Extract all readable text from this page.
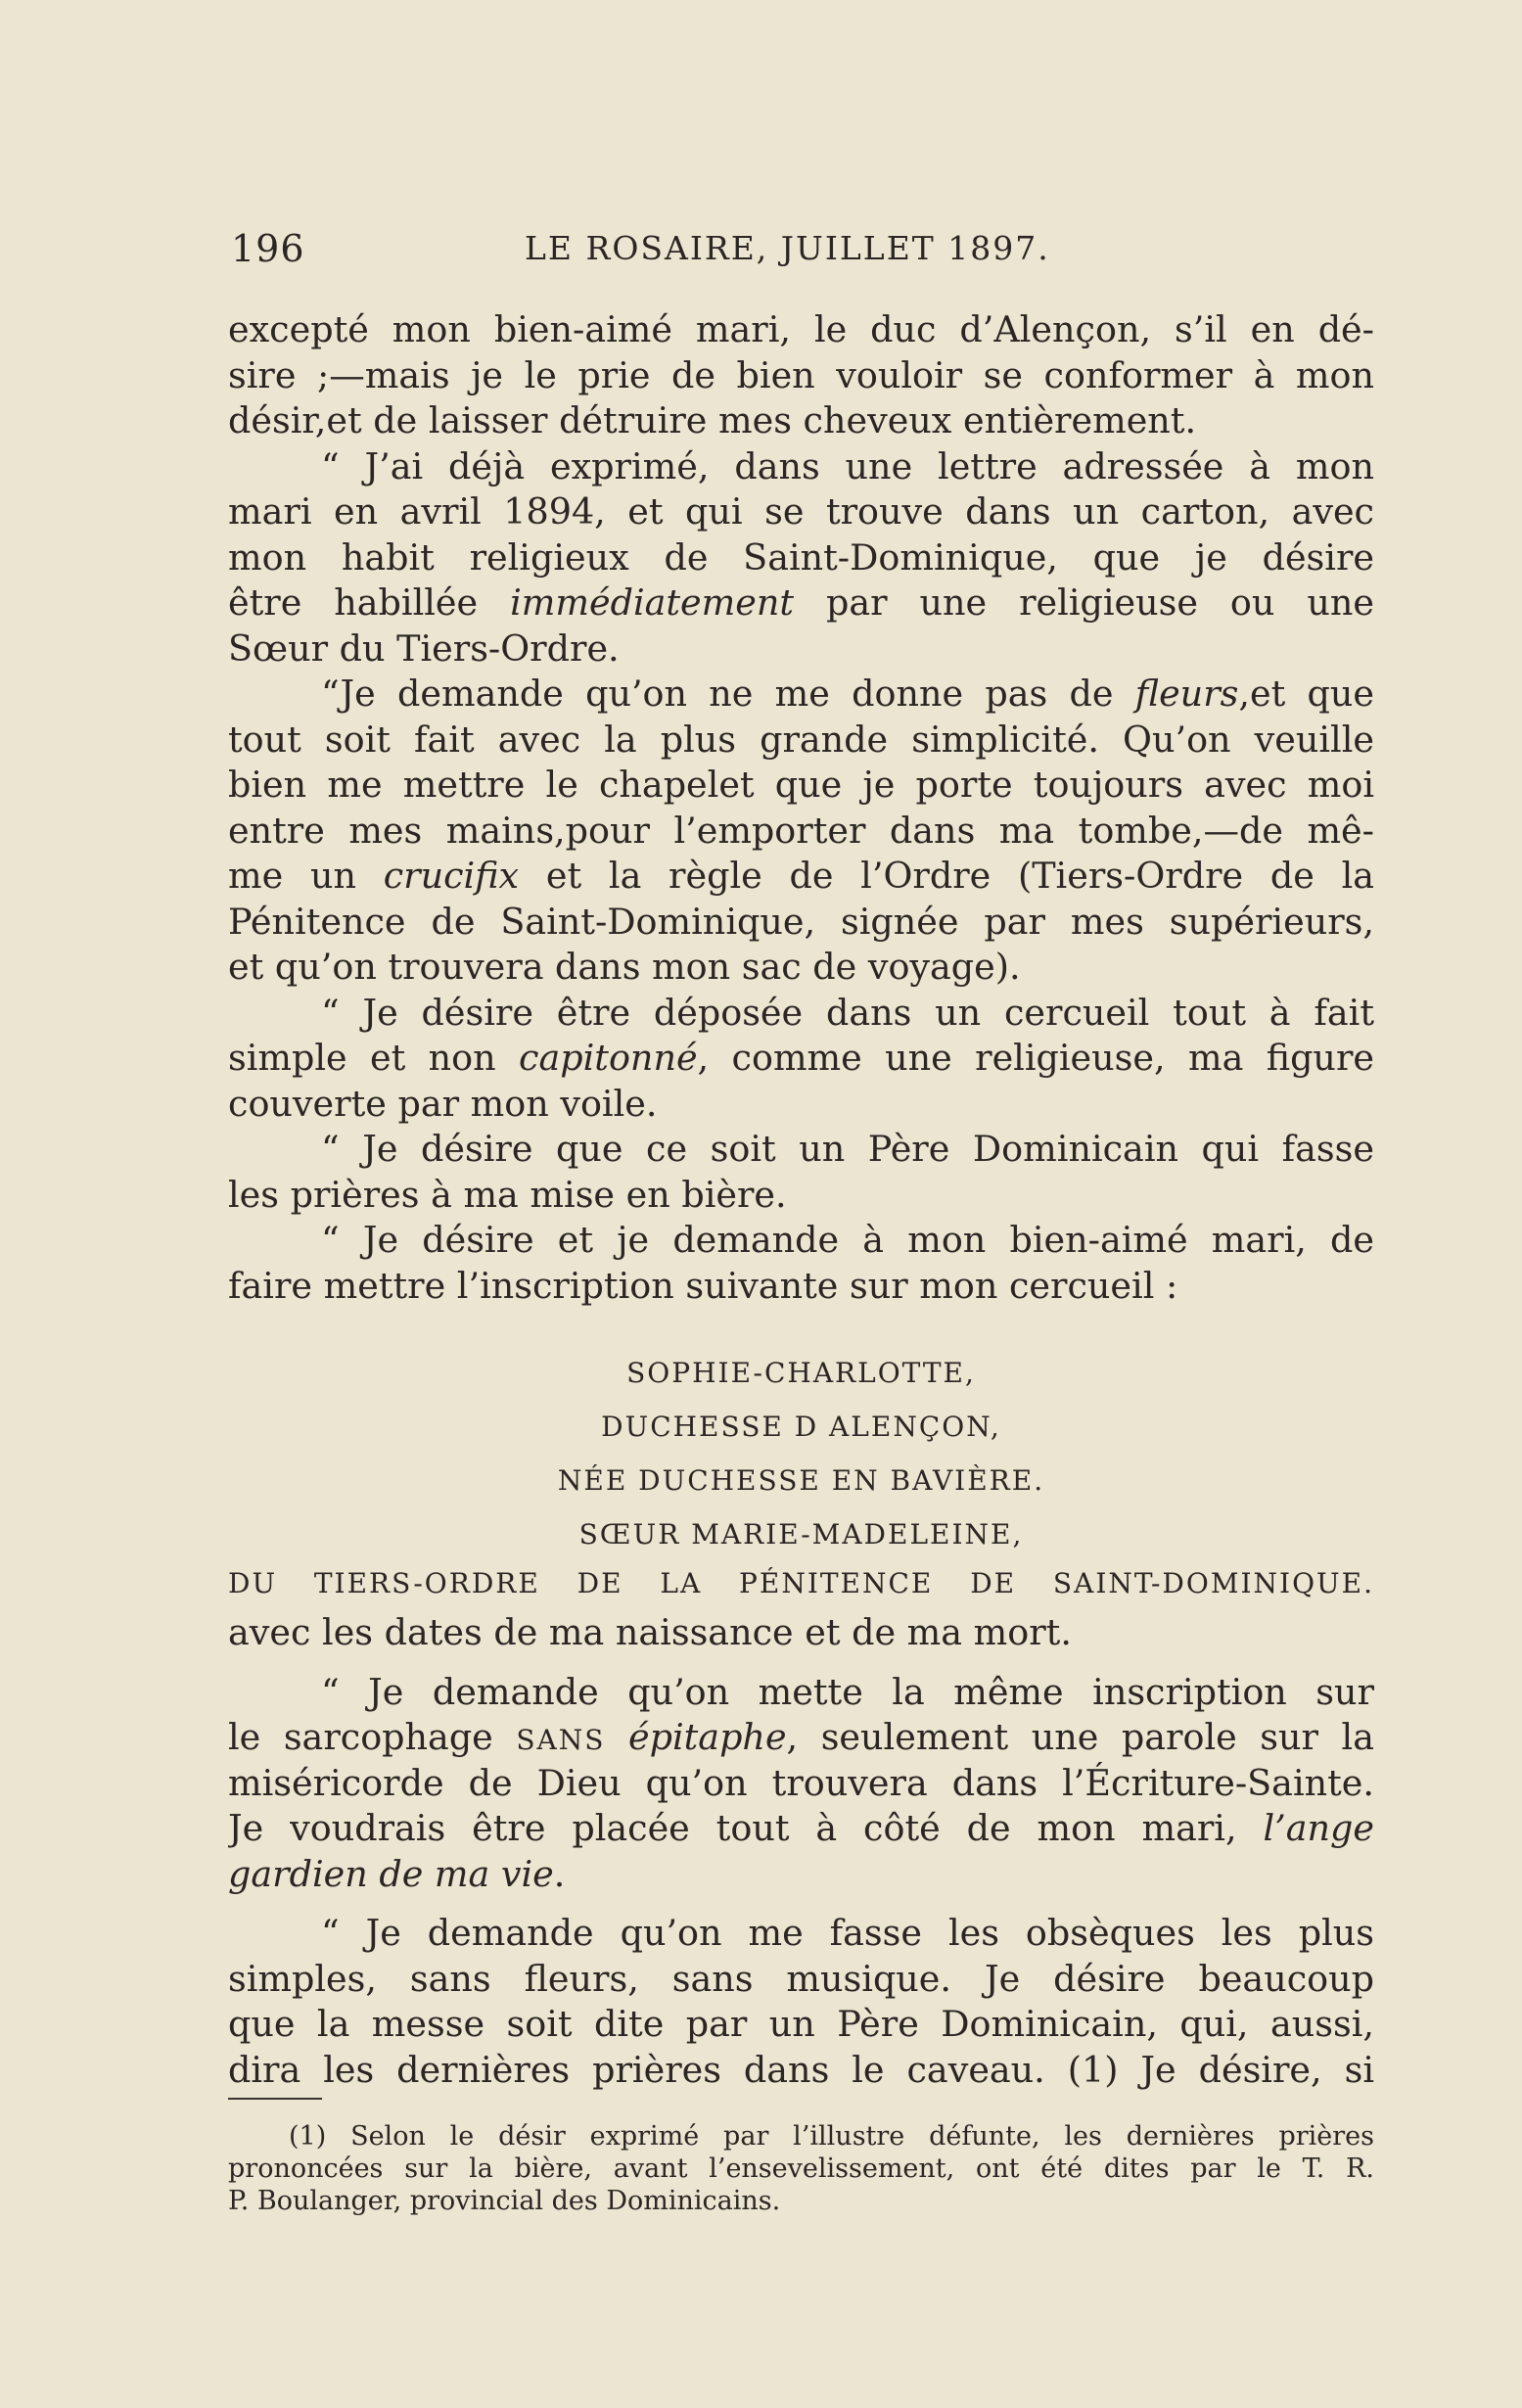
196	LE ROSAIRE, JUILLET 1897.
excepté mon bien-aimé mari, le duc d’Alençon, s’il en dé-
sire ;—mais je le prie de bien vouloir se conformer à mon
désir,et de laisser détruire mes cheveux entièrement.
“ J’ai déjà exprimé, dans une lettre adressée à mon
mari en avril 1894, et qui se trouve dans un carton, avec
mon habit religieux de Saint-Dominique, que je désire
être habillée immédiatement par une religieuse ou une
Sœur du Tiers-Ordre.
“Je demande qu’on ne me donne pas de fleurs,et que
tout soit fait avec la plus grande simplicité. Qu’on veuille
bien me mettre le chapelet que je porte toujours avec moi
entre mes mains,pour l’emporter dans ma tombe,—de mê-
me un crucifix et la règle de l’Ordre (Tiers-Ordre de la
Pénitence de Saint-Dominique, signée par mes supérieurs,
et qu’on trouvera dans mon sac de voyage).
“ Je désire être déposée dans un cercueil tout à fait
simple et non capitonné, comme une religieuse, ma figure
couverte par mon voile.
“ Je désire que ce soit un Père Dominicain qui fasse
les prières à ma mise en bière.
“ Je désire et je demande à mon bien-aimé mari, de
faire mettre l’inscription suivante sur mon cercueil :
SOPHIE-CHARLOTTE,
DUCHESSE D ALENÇON,
NÉE DUCHESSE EN BAVIÈRE.
SŒUR MARIE-MADELEINE,
DU TIERS-ORDRE DE LA PÉNITENCE DE SAINT-DOMINIQUE.
avec les dates de ma naissance et de ma mort.
“ Je demande qu’on mette la même inscription sur
le sarcophage SANS épitaphe, seulement une parole sur la
miséricorde de Dieu qu’on trouvera dans l’Écriture-Sainte.
Je voudrais être placée tout à côté de mon mari, l’ange
gardien de ma vie.
“ Je demande qu’on me fasse les obsèques les plus
simples, sans fleurs, sans musique. Je désire beaucoup
que la messe soit dite par un Père Dominicain, qui, aussi,
dira les dernières prières dans le caveau. (1) Je désire, si
(1) Selon le désir exprimé par l’illustre défunte, les dernières prières
prononcées sur la bière, avant l’ensevelissement, ont été dites par le T. R.
P. Boulanger, provincial des Dominicains.
